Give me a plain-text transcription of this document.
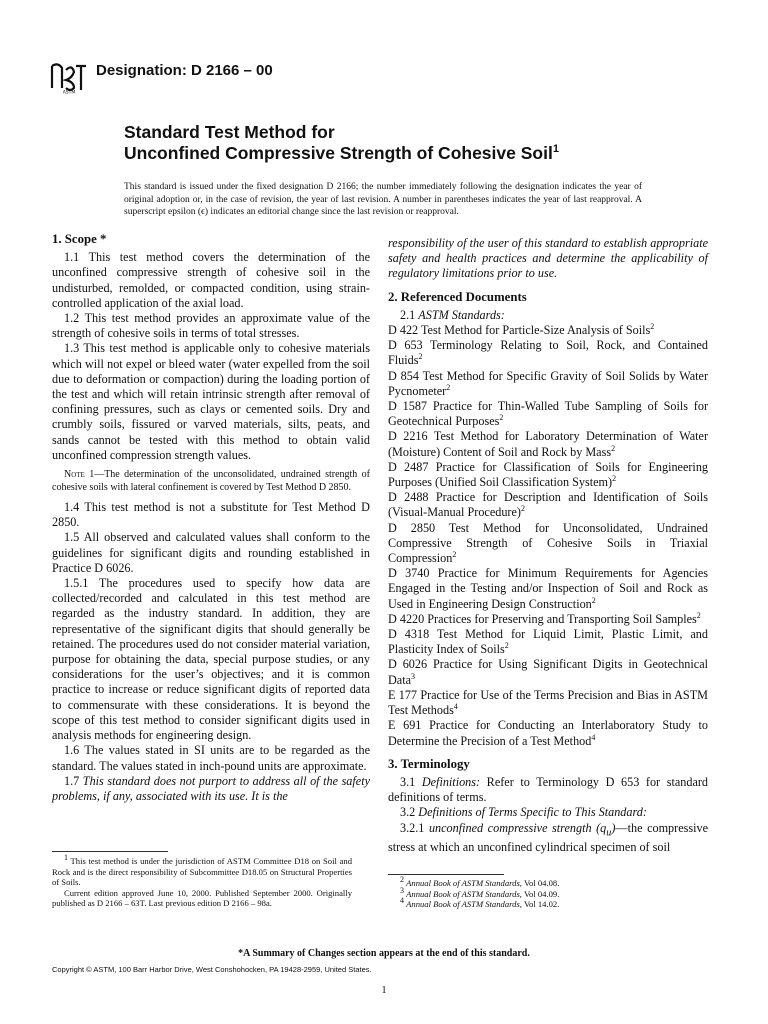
ASTM
Designation: D 2166 – 00
Standard Test Method for
Unconfined Compressive Strength of Cohesive Soil$^1$
This standard is issued under the fixed designation D 2166; the number immediately following the designation indicates the year of original adoption or, in the case of revision, the year of last revision. A number in parentheses indicates the year of last reapproval. A superscript epsilon (ϵ) indicates an editorial change since the last revision or reapproval.
1. Scope *

1.1 This test method covers the determination of the unconfined compressive strength of cohesive soil in the undisturbed, remolded, or compacted condition, using strain-controlled application of the axial load.

1.2 This test method provides an approximate value of the strength of cohesive soils in terms of total stresses.

1.3 This test method is applicable only to cohesive materials which will not expel or bleed water (water expelled from the soil due to deformation or compaction) during the loading portion of the test and which will retain intrinsic strength after removal of confining pressures, such as clays or cemented soils. Dry and crumbly soils, fissured or varved materials, silts, peats, and sands cannot be tested with this method to obtain valid unconfined compression strength values.

Note 1—The determination of the unconsolidated, undrained strength of cohesive soils with lateral confinement is covered by Test Method D 2850.

1.4 This test method is not a substitute for Test Method D 2850.

1.5 All observed and calculated values shall conform to the guidelines for significant digits and rounding established in Practice D 6026.

1.5.1 The procedures used to specify how data are collected/recorded and calculated in this test method are regarded as the industry standard. In addition, they are representative of the significant digits that should generally be retained. The procedures used do not consider material variation, purpose for obtaining the data, special purpose studies, or any considerations for the user’s objectives; and it is common practice to increase or reduce significant digits of reported data to commensurate with these considerations. It is beyond the scope of this test method to consider significant digits used in analysis methods for engineering design.

1.6 The values stated in SI units are to be regarded as the standard. The values stated in inch-pound units are approximate.

1.7 This standard does not purport to address all of the safety problems, if any, associated with its use. It is the

responsibility of the user of this standard to establish appropriate safety and health practices and determine the applicability of regulatory limitations prior to use.

2. Referenced Documents

2.1 ASTM Standards:

D 422 Test Method for Particle-Size Analysis of Soils$^2$

D 653 Terminology Relating to Soil, Rock, and Contained Fluids$^2$

D 854 Test Method for Specific Gravity of Soil Solids by Water Pycnometer$^2$

D 1587 Practice for Thin-Walled Tube Sampling of Soils for Geotechnical Purposes$^2$

D 2216 Test Method for Laboratory Determination of Water (Moisture) Content of Soil and Rock by Mass$^2$

D 2487 Practice for Classification of Soils for Engineering Purposes (Unified Soil Classification System)$^2$

D 2488 Practice for Description and Identification of Soils (Visual-Manual Procedure)$^2$

D 2850 Test Method for Unconsolidated, Undrained Compressive Strength of Cohesive Soils in Triaxial Compression$^2$

D 3740 Practice for Minimum Requirements for Agencies Engaged in the Testing and/or Inspection of Soil and Rock as Used in Engineering Design Construction$^2$

D 4220 Practices for Preserving and Transporting Soil Samples$^2$

D 4318 Test Method for Liquid Limit, Plastic Limit, and Plasticity Index of Soils$^2$

D 6026 Practice for Using Significant Digits in Geotechnical Data$^3$

E 177 Practice for Use of the Terms Precision and Bias in ASTM Test Methods$^4$

E 691 Practice for Conducting an Interlaboratory Study to Determine the Precision of a Test Method$^4$

3. Terminology

3.1 Definitions: Refer to Terminology D 653 for standard definitions of terms.

3.2 Definitions of Terms Specific to This Standard:

3.2.1 unconfined compressive strength $(q_u)—the$ compressive stress at which an unconfined cylindrical specimen of soil

$^1$ This test method is under the jurisdiction of ASTM Committee D18 on Soil and Rock and is the direct responsibility of Subcommittee D18.05 on Structural Properties of Soils.

Current edition approved June 10, 2000. Published September 2000. Originally published as D 2166 – 63T. Last previous edition D 2166 – 98a.

$^2$ Annual Book of ASTM Standards, Vol 04.08.

$^3$ Annual Book of ASTM Standards, Vol 04.09.

$^4$ Annual Book of ASTM Standards, Vol 14.02.

*A Summary of Changes section appears at the end of this standard.
Copyright © ASTM, 100 Barr Harbor Drive, West Conshohocken, PA 19428-2959, United States.
1
